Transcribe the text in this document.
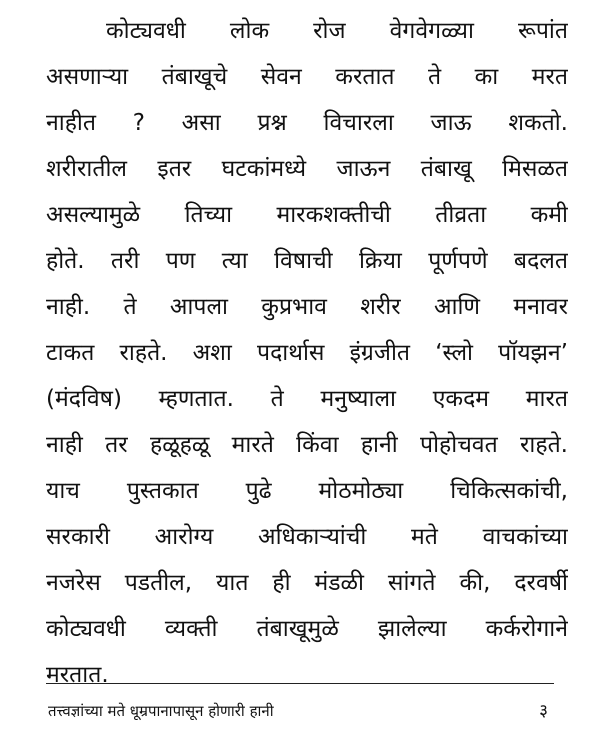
कोट्यवधी लोक रोज वेगवेगळ्या रूपांत
असणाऱ्या तंबाखूचे सेवन करतात ते का मरत
नाहीत ? असा प्रश्न विचारला जाऊ शकतो.
शरीरातील इतर घटकांमध्ये जाऊन तंबाखू मिसळत
असल्यामुळे तिच्या मारकशक्तीची तीव्रता कमी
होते. तरी पण त्या विषाची क्रिया पूर्णपणे बदलत
नाही. ते आपला कुप्रभाव शरीर आणि मनावर
टाकत राहते. अशा पदार्थास इंग्रजीत ‘स्लो पॉयझन’
(मंदविष) म्हणतात. ते मनुष्याला एकदम मारत
नाही तर हळूहळू मारते किंवा हानी पोहोचवत राहते.
याच पुस्तकात पुढे मोठमोठ्या चिकित्सकांची,
सरकारी आरोग्य अधिकाऱ्यांची मते वाचकांच्या
नजरेस पडतील, यात ही मंडळी सांगते की, दरवर्षी
कोट्यवधी व्यक्ती तंबाखूमुळे झालेल्या कर्करोगाने
मरतात.
तत्त्वज्ञांच्या मते धूम्रपानापासून होणारी हानी	३
